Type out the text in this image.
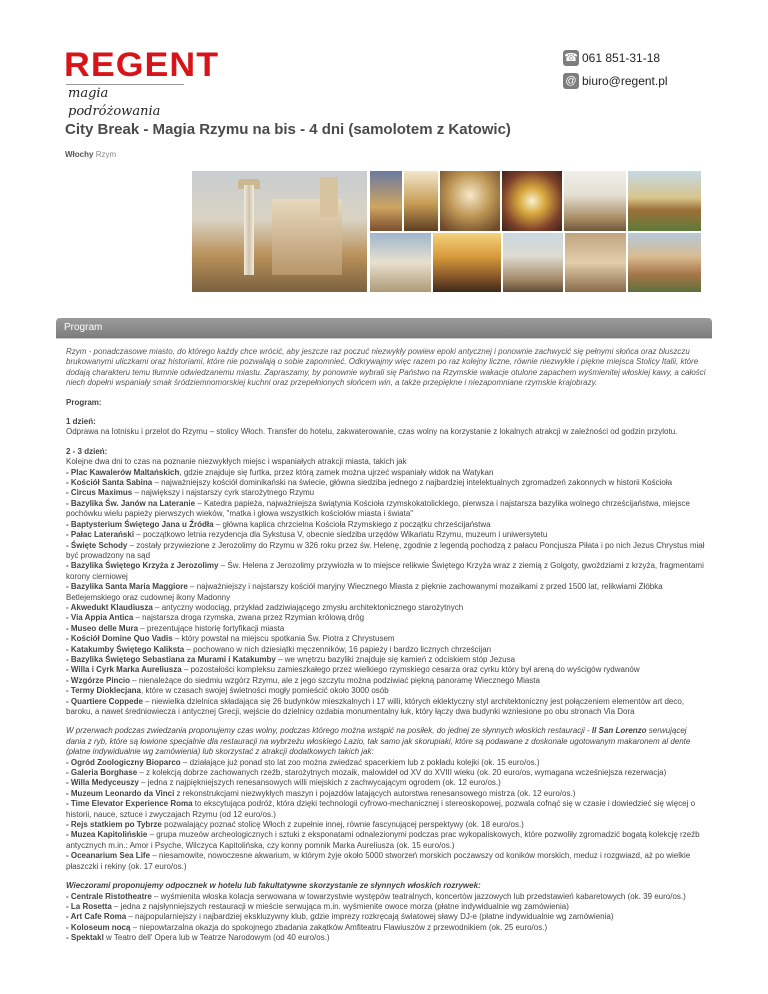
REGENT
magia podróżowania
☎ 061 851-31-18
@ biuro@regent.pl
City Break - Magia Rzymu na bis - 4 dni (samolotem z Katowic)
Włochy Rzym
Program

Rzym - ponadczasowe miasto, do którego każdy chce wrócić, aby jeszcze raz poczuć niezwykły powiew epoki antycznej i ponownie zachwycić się pełnymi słońca oraz bluszczu brukowanymi uliczkami oraz historiami, które nie pozwalają o sobie zapomnieć. Odkrywajmy więc razem po raz kolejny liczne, równie niezwykłe i piękne miejsca Stolicy Italii, które dodają charakteru temu tłumnie odwiedzanemu miastu. Zapraszamy, by ponownie wybrali się Państwo na Rzymskie wakacje otulone zapachem wyśmienitej włoskiej kawy, a całości niech dopełni wspaniały smak śródziemnomorskiej kuchni oraz przepełnionych słońcem win, a także przepiękne i niezapomniane rzymskie krajobrazy.

Program:

1 dzień:
Odprawa na lotnisku i przelot do Rzymu – stolicy Włoch. Transfer do hotelu, zakwaterowanie, czas wolny na korzystanie z lokalnych atrakcji w zależności od godzin przylotu.
2 - 3 dzień:
Kolejne dwa dni to czas na poznanie niezwykłych miejsc i wspaniałych atrakcji miasta, takich jak
- Plac Kawalerów Maltańskich, gdzie znajduje się furtka, przez którą zamek można ujrzeć wspaniały widok na Watykan
- Kościół Santa Sabina – najważniejszy kościół dominikański na świecie, główna siedziba jednego z najbardziej intelektualnych zgromadzeń zakonnych w historii Kościoła
- Circus Maximus – największy i najstarszy cyrk starożytnego Rzymu
- Bazylika Św. Janów na Lateranie – Katedra papieża, najważniejsza świątynia Kościoła rzymskokatolickiego, pierwsza i najstarsza bazylika wolnego chrześcijaństwa, miejsce pochówku wielu papieży pierwszych wieków, "matka i głowa wszystkich kościołów miasta i świata"
- Baptysterium Świętego Jana u Źródła – główna kaplica chrzcielna Kościoła Rzymskiego z początku chrześcijaństwa
- Pałac Laterański – początkowo letnia rezydencja dla Sykstusa V, obecnie siedziba urzędów Wikariatu Rzymu, muzeum i uniwersytetu
- Święte Schody – zostały przywiezione z Jerozolimy do Rzymu w 326 roku przez św. Helenę, zgodnie z legendą pochodzą z pałacu Poncjusza Piłata i po nich Jezus Chrystus miał być prowadzony na sąd
- Bazylika Świętego Krzyża z Jerozolimy – Św. Helena z Jerozolimy przywiozła w to miejsce relikwie Świętego Krzyża wraz z ziemią z Golgoty, gwoździami z krzyża, fragmentami korony cierniowej
- Bazylika Santa Maria Maggiore – najważniejszy i najstarszy kościół maryjny Wiecznego Miasta z pięknie zachowanymi mozaikami z przed 1500 lat, relikwiami Żłóbka Betlejemskiego oraz cudownej ikony Madonny
- Akwedukt Klaudiusza – antyczny wodociąg, przykład zadziwiającego zmysłu architektonicznego starożytnych
- Via Appia Antica – najstarsza droga rzymska, zwana przez Rzymian królową dróg
- Museo delle Mura – prezentujące historię fortyfikacji miasta
- Kościół Domine Quo Vadis – który powstał na miejscu spotkania Św. Piotra z Chrystusem
- Katakumby Świętego Kaliksta – pochowano w nich dziesiątki męczenników, 16 papieży i bardzo licznych chrześcijan
- Bazylika Świętego Sebastiana za Murami i Katakumby – we wnętrzu bazyliki znajduje się kamień z odciskiem stóp Jezusa
- Willa i Cyrk Marka Aureliusza – pozostałości kompleksu zamieszkałego przez wielkiego rzymskiego cesarza oraz cyrku który był areną do wyścigów rydwanów
- Wzgórze Pincio – nienależące do siedmiu wzgórz Rzymu, ale z jego szczytu można podziwiać piękną panoramę Wiecznego Miasta
- Termy Dioklecjana, które w czasach swojej świetności mogły pomieścić około 3000 osób
- Quartiere Coppede – niewielka dzielnica składająca się 26 budynków mieszkalnych i 17 willi, których eklektyczny styl architektoniczny jest połączeniem elementów art deco, baroku, a nawet średniowiecza i antycznej Grecji, wejście do dzielnicy ozdabia monumentalny łuk, który łączy dwa budynki wzniesione po obu stronach Via Dora
W przerwach podczas zwiedzania proponujemy czas wolny, podczas którego można wstąpić na posiłek, do jednej ze słynnych włoskich restauracji - Il San Lorenzo serwującej dania z ryb, które są łowione specjalnie dla restauracji na wybrzeżu włoskiego Lazio, tak samo jak skorupiaki, które są podawane z doskonale ugotowanym makaronem al dente (płatne indywidualnie wg zamówienia) lub skorzystać z atrakcji dodatkowych takich jak:
- Ogród Zoologiczny Bioparco – działające już ponad sto lat zoo można zwiedzać spacerkiem lub z pokładu kolejki (ok. 15 euro/os.)
- Galeria Borghase – z kolekcją dobrze zachowanych rzeźb, starożytnych mozaik, malowideł od XV do XVIII wieku (ok. 20 euro/os, wymagana wcześniejsza rezerwacja)
- Willa Medyceuszy – jedna z najpiękniejszych renesansowych willi miejskich z zachwycającym ogrodem (ok. 12 euro/os.)
- Muzeum Leonardo da Vinci z rekonstrukcjami niezwykłych maszyn i pojazdów latających autorstwa renesansowego mistrza (ok. 12 euro/os.)
- Time Elevator Experience Roma to ekscytująca podróż, która dzięki technologii cyfrowo-mechanicznej i stereoskopowej, pozwala cofnąć się w czasie i dowiedzieć się więcej o historii, nauce, sztuce i zwyczajach Rzymu (od 12 euro/os.)
- Rejs statkiem po Tybrze pozwalający poznać stolicę Włoch z zupełnie innej, równie fascynującej perspektywy (ok. 18 euro/os.)
- Muzea Kapitolińskie – grupa muzeów archeologicznych i sztuki z eksponatami odnalezionymi podczas prac wykopaliskowych, które pozwoliły zgromadzić bogatą kolekcję rzeźb antycznych m.in.: Amor i Psyche, Wilczyca Kapitolińska, czy konny pomnik Marka Aureliusza (ok. 15 euro/os.)
- Oceanarium Sea Life – niesamowite, nowoczesne akwarium, w którym żyje około 5000 stworzeń morskich poczawszy od koników morskich, meduz i rozgwiazd, aż po wielkie płaszczki i rekiny (ok. 17 euro/os.)
Wieczorami proponujemy odpocznek w hotelu lub fakultatywne skorzystanie ze słynnych włoskich rozrywek:
- Centrale Ristotheatre – wyśmienita włoska kolacja serwowana w towarzystwie występów teatralnych, koncertów jazzowych lub przedstawień kabaretowych (ok. 39 euro/os.)
- La Rosetta – jedna z najsłynniejszych restauracji w mieście serwująca m.in. wyśmienite owoce morza (płatne indywidualnie wg zamówienia)
- Art Cafe Roma – najpopularniejszy i najbardziej ekskluzywny klub, gdzie imprezy rozkręcają światowej sławy DJ-e (płatne indywidualnie wg zamówienia)
- Koloseum nocą – niepowtarzalna okazja do spokojnego zbadania zakątków Amfiteatru Flawiuszów z przewodnikiem (ok. 25 euro/os.)
- Spektakl w Teatro dell' Opera lub w Teatrze Narodowym (od 40 euro/os.)
